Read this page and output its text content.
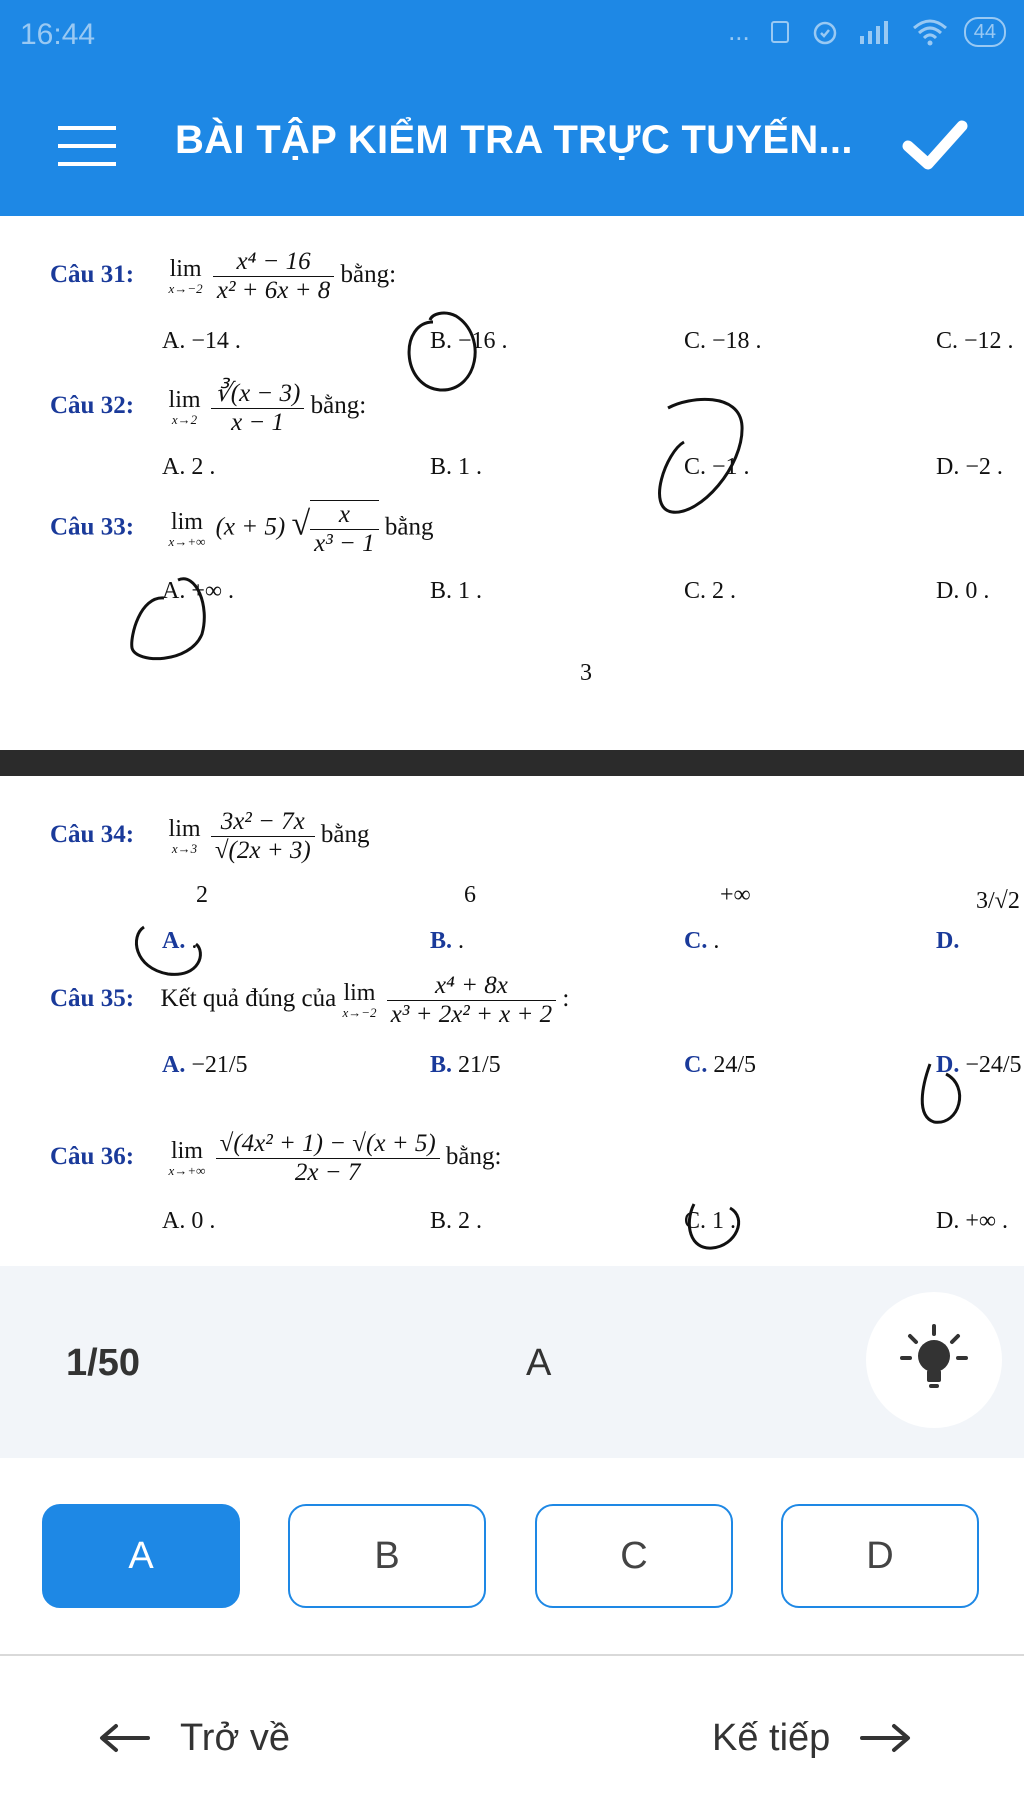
16:44	...	44
BÀI TẬP KIỂM TRA TRỰC TUYẾN...
Câu 31: lim
x→−2
$\frac{\text{x⁴ − 16}}{\text{x² + 6x + 8}}$ bằng:
A. −14 .	B. −16 .	C. −18 .	C. −12 .
Câu 32: lim
x→2
$\frac{∛(x - 3)}{x - 1}$ bằng:
A. 2 .	B. 1 .	C. −1 .	D. −2 .
Câu 33: lim
x→+∞
(x + 5) √ $\frac{x}{\text{x³ − 1}}$ bằng
A. +∞ .	B. 1 .	C. 2 .	D. 0 .
3
Câu 34: lim
x→3
$\frac{\text{3x² − 7x}}{√(2x + 3)}$ bằng
2	6	+∞	3/√2
A. .	B. .	C. .	D.
Câu 35: Kết quả đúng của lim
x→−2
$\frac{\text{x⁴ + 8x}}{\text{x³ + 2x² + x + 2}}$ :
A. −21/5	B. 21/5	C. 24/5	D. −24/5
Câu 36: lim
x→+∞
$\frac{\text{√(4x² + 1) − √(x + 5)}}{2x - 7}$ bằng:
A. 0 .	B. 2 .	C. 1 .	D. +∞ .
1/50	A
A	B	C	D
Trở về	Kế tiếp
